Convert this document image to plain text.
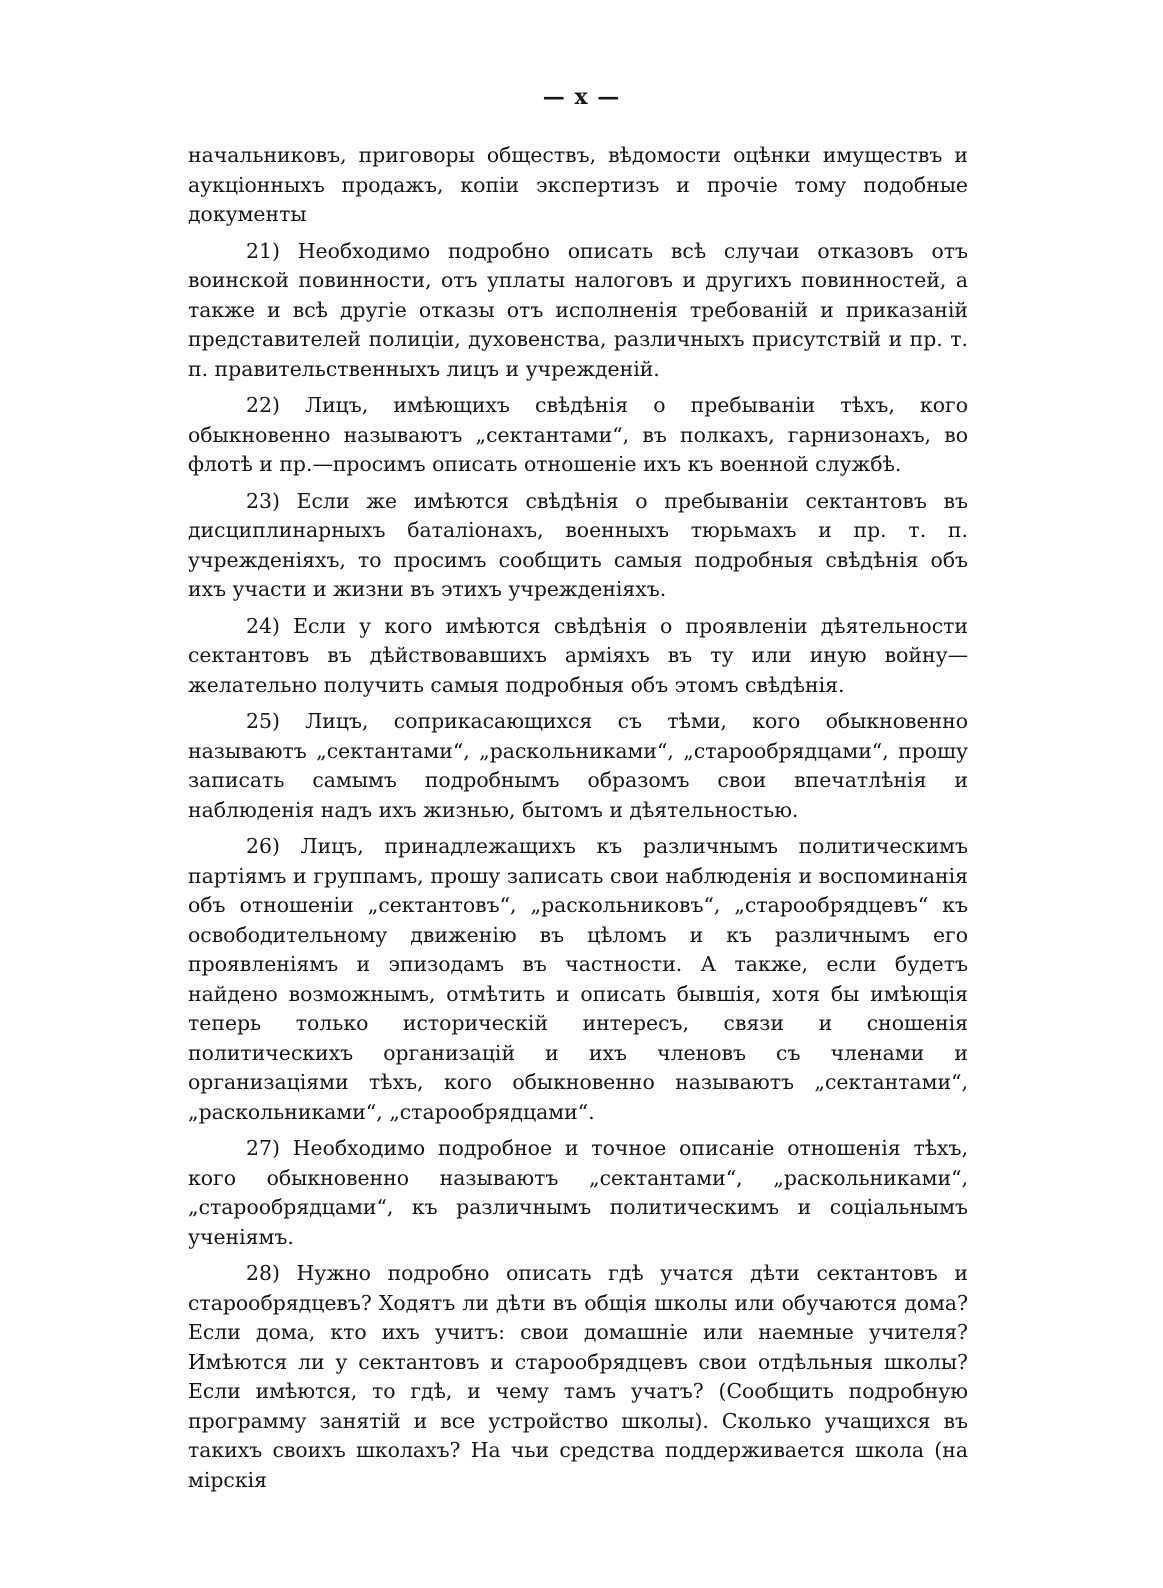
— x —

начальниковъ, приговоры обществъ, вѣдомости оцѣнки имуществъ и аукціонныхъ продажъ, копіи экспертизъ и прочіе тому подобные документы

21) Необходимо подробно описать всѣ случаи отказовъ отъ воинской повинности, отъ уплаты налоговъ и другихъ повинностей, а также и всѣ другіе отказы отъ исполненія требованій и приказаній представителей полиціи, духовенства, различныхъ присутствій и пр. т. п. правительственныхъ лицъ и учрежденій.

22) Лицъ, имѣющихъ свѣдѣнія о пребываніи тѣхъ, кого обыкновенно называютъ „сектантами“, въ полкахъ, гарнизонахъ, во флотѣ и пр.—просимъ описать отношеніе ихъ къ военной службѣ.

23) Если же имѣются свѣдѣнія о пребываніи сектантовъ въ дисциплинарныхъ баталіонахъ, военныхъ тюрьмахъ и пр. т. п. учрежденіяхъ, то просимъ сообщить самыя подробныя свѣдѣнія объ ихъ участи и жизни въ этихъ учрежденіяхъ.

24) Если у кого имѣются свѣдѣнія о проявленіи дѣятельности сектантовъ въ дѣйствовавшихъ арміяхъ въ ту или иную войну—желательно получить самыя подробныя объ этомъ свѣдѣнія.

25) Лицъ, соприкасающихся съ тѣми, кого обыкновенно называютъ „сектантами“, „раскольниками“, „старообрядцами“, прошу записать самымъ подробнымъ образомъ свои впечатлѣнія и наблюденія надъ ихъ жизнью, бытомъ и дѣятельностью.

26) Лицъ, принадлежащихъ къ различнымъ политическимъ партіямъ и группамъ, прошу записать свои наблюденія и воспоминанія объ отношеніи „сектантовъ“, „раскольниковъ“, „старообрядцевъ“ къ освободительному движенію въ цѣломъ и къ различнымъ его проявленіямъ и эпизодамъ въ частности. А также, если будетъ найдено возможнымъ, отмѣтить и описать бывшія, хотя бы имѣющія теперь только историческій интересъ, связи и сношенія политическихъ организацій и ихъ членовъ съ членами и организаціями тѣхъ, кого обыкновенно называютъ „сектантами“, „раскольниками“, „старообрядцами“.

27) Необходимо подробное и точное описаніе отношенія тѣхъ, кого обыкновенно называютъ „сектантами“, „раскольниками“, „старообрядцами“, къ различнымъ политическимъ и соціальнымъ ученіямъ.

28) Нужно подробно описать гдѣ учатся дѣти сектантовъ и старообрядцевъ? Ходятъ ли дѣти въ общія школы или обучаются дома? Если дома, кто ихъ учитъ: свои домашніе или наемные учителя? Имѣются ли у сектантовъ и старообрядцевъ свои отдѣльныя школы? Если имѣются, то гдѣ, и чему тамъ учатъ? (Сообщить подробную программу занятій и все устройство школы). Сколько учащихся въ такихъ своихъ школахъ? На чьи средства поддерживается школа (на мірскія
